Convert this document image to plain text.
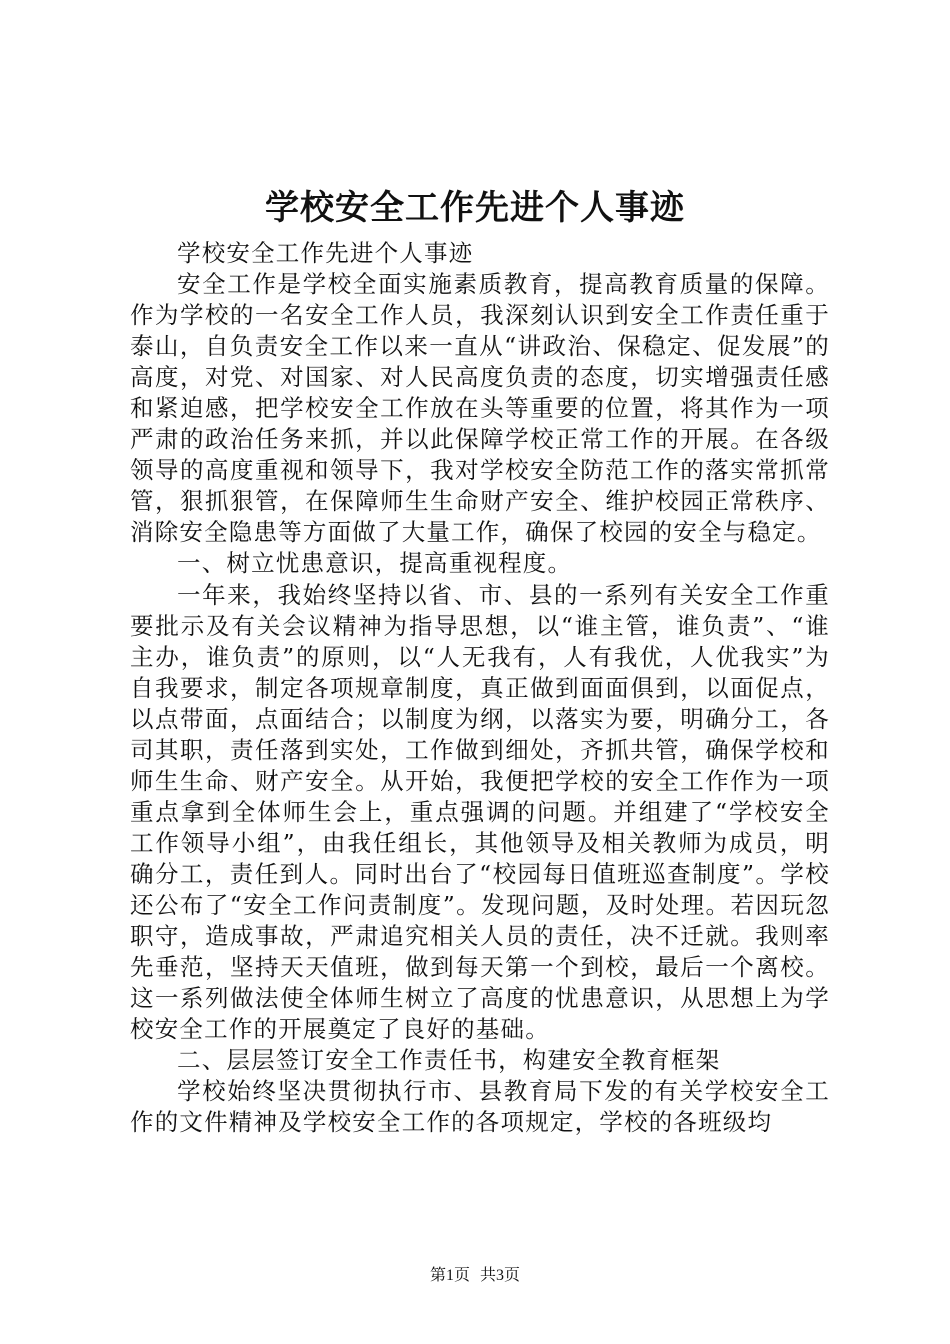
学校安全工作先进个人事迹

学校安全工作先进个人事迹

安全工作是学校全面实施素质教育，提高教育质量的保障。作为学校的一名安全工作人员，我深刻认识到安全工作责任重于泰山，自负责安全工作以来一直从“讲政治、保稳定、促发展”的高度，对党、对国家、对人民高度负责的态度，切实增强责任感和紧迫感，把学校安全工作放在头等重要的位置，将其作为一项严肃的政治任务来抓，并以此保障学校正常工作的开展。在各级领导的高度重视和领导下，我对学校安全防范工作的落实常抓常管，狠抓狠管，在保障师生生命财产安全、维护校园正常秩序、消除安全隐患等方面做了大量工作，确保了校园的安全与稳定。

一、树立忧患意识，提高重视程度。

一年来，我始终坚持以省、市、县的一系列有关安全工作重要批示及有关会议精神为指导思想，以“谁主管，谁负责”、“谁主办，谁负责”的原则，以“人无我有，人有我优，人优我实”为自我要求，制定各项规章制度，真正做到面面俱到，以面促点，以点带面，点面结合；以制度为纲，以落实为要，明确分工，各司其职，责任落到实处，工作做到细处，齐抓共管，确保学校和师生生命、财产安全。从开始，我便把学校的安全工作作为一项重点拿到全体师生会上，重点强调的问题。并组建了“学校安全工作领导小组”，由我任组长，其他领导及相关教师为成员，明确分工，责任到人。同时出台了“校园每日值班巡查制度”。学校还公布了“安全工作问责制度”。发现问题，及时处理。若因玩忽职守，造成事故，严肃追究相关人员的责任，决不迁就。我则率先垂范，坚持天天值班，做到每天第一个到校，最后一个离校。这一系列做法使全体师生树立了高度的忧患意识，从思想上为学校安全工作的开展奠定了良好的基础。

二、层层签订安全工作责任书，构建安全教育框架

学校始终坚决贯彻执行市、县教育局下发的有关学校安全工作的文件精神及学校安全工作的各项规定，学校的各班级均

第1页 共3页
